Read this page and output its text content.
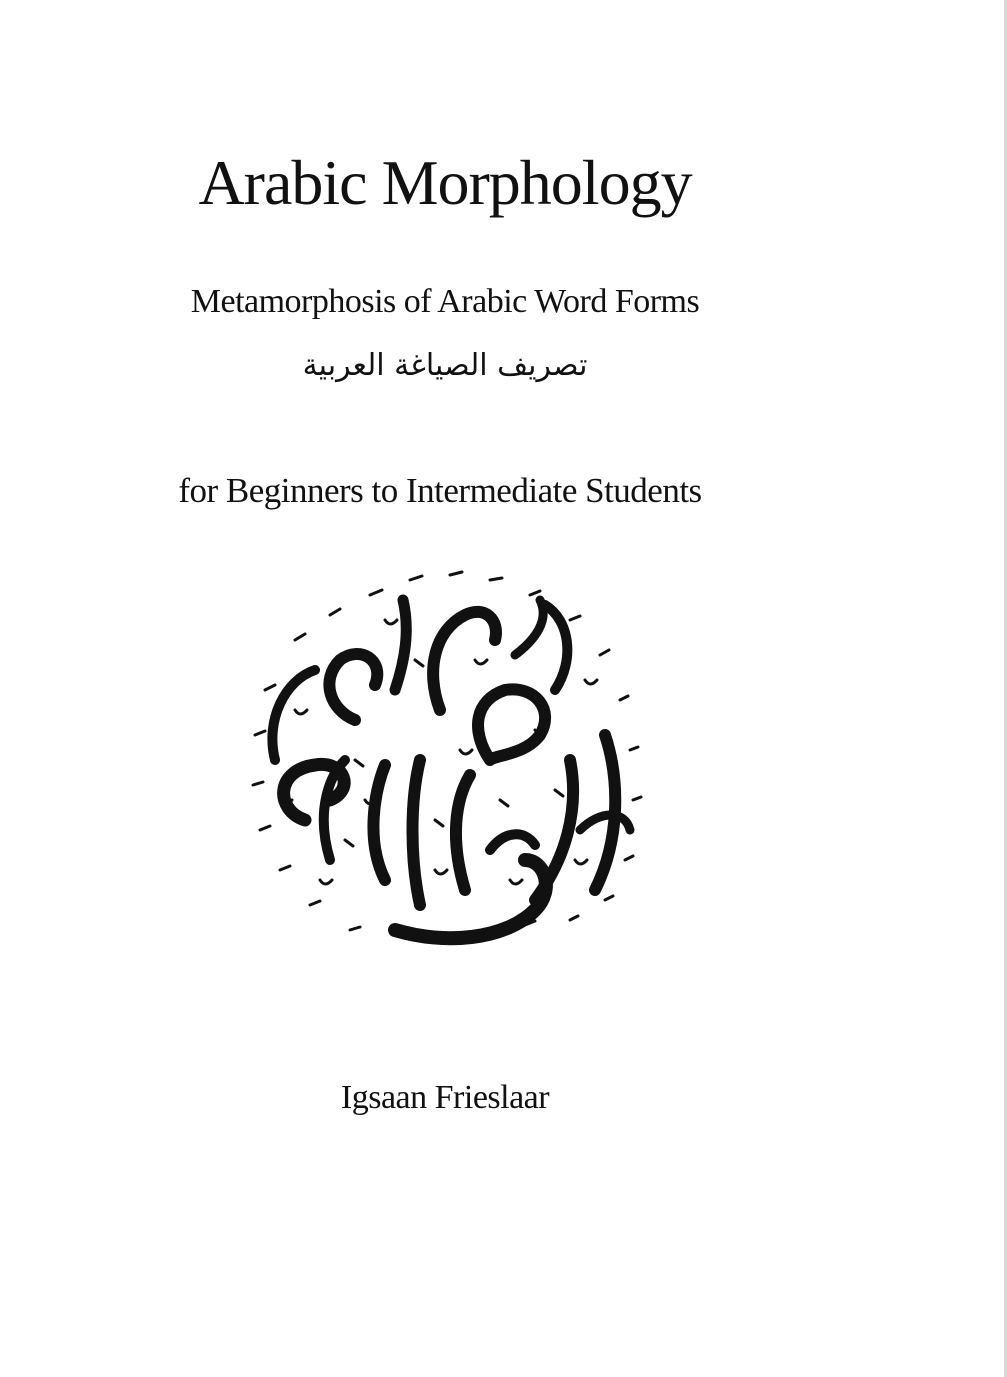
Arabic Morphology
Metamorphosis of Arabic Word Forms
تصريف الصياغة العربية
for Beginners to Intermediate Students
Igsaan Frieslaar
